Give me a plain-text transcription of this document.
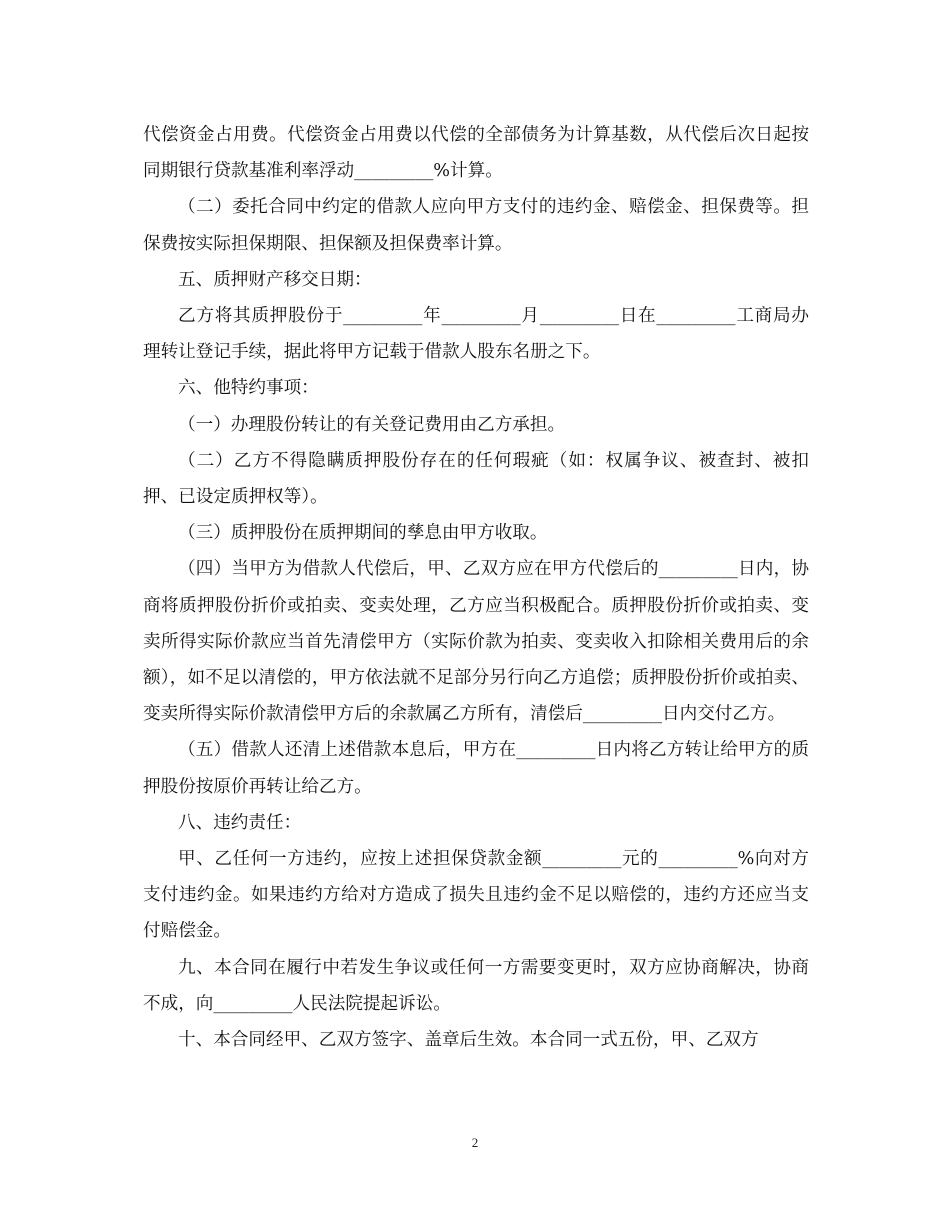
代偿资金占用费。代偿资金占用费以代偿的全部债务为计算基数，从代偿后次日起按同期银行贷款基准利率浮动_________%计算。

（二）委托合同中约定的借款人应向甲方支付的违约金、赔偿金、担保费等。担保费按实际担保期限、担保额及担保费率计算。

五、质押财产移交日期：

乙方将其质押股份于_________年_________月_________日在_________工商局办理转让登记手续，据此将甲方记载于借款人股东名册之下。

六、他特约事项：

（一）办理股份转让的有关登记费用由乙方承担。

（二）乙方不得隐瞒质押股份存在的任何瑕疵（如：权属争议、被查封、被扣押、已设定质押权等）。

（三）质押股份在质押期间的孳息由甲方收取。

（四）当甲方为借款人代偿后，甲、乙双方应在甲方代偿后的_________日内，协商将质押股份折价或拍卖、变卖处理，乙方应当积极配合。质押股份折价或拍卖、变卖所得实际价款应当首先清偿甲方（实际价款为拍卖、变卖收入扣除相关费用后的余额），如不足以清偿的，甲方依法就不足部分另行向乙方追偿；质押股份折价或拍卖、变卖所得实际价款清偿甲方后的余款属乙方所有，清偿后_________日内交付乙方。

（五）借款人还清上述借款本息后，甲方在_________日内将乙方转让给甲方的质押股份按原价再转让给乙方。

八、违约责任：

甲、乙任何一方违约，应按上述担保贷款金额_________元的_________%向对方支付违约金。如果违约方给对方造成了损失且违约金不足以赔偿的，违约方还应当支付赔偿金。

九、本合同在履行中若发生争议或任何一方需要变更时，双方应协商解决，协商不成，向_________人民法院提起诉讼。

十、本合同经甲、乙双方签字、盖章后生效。本合同一式五份，甲、乙双方

2
